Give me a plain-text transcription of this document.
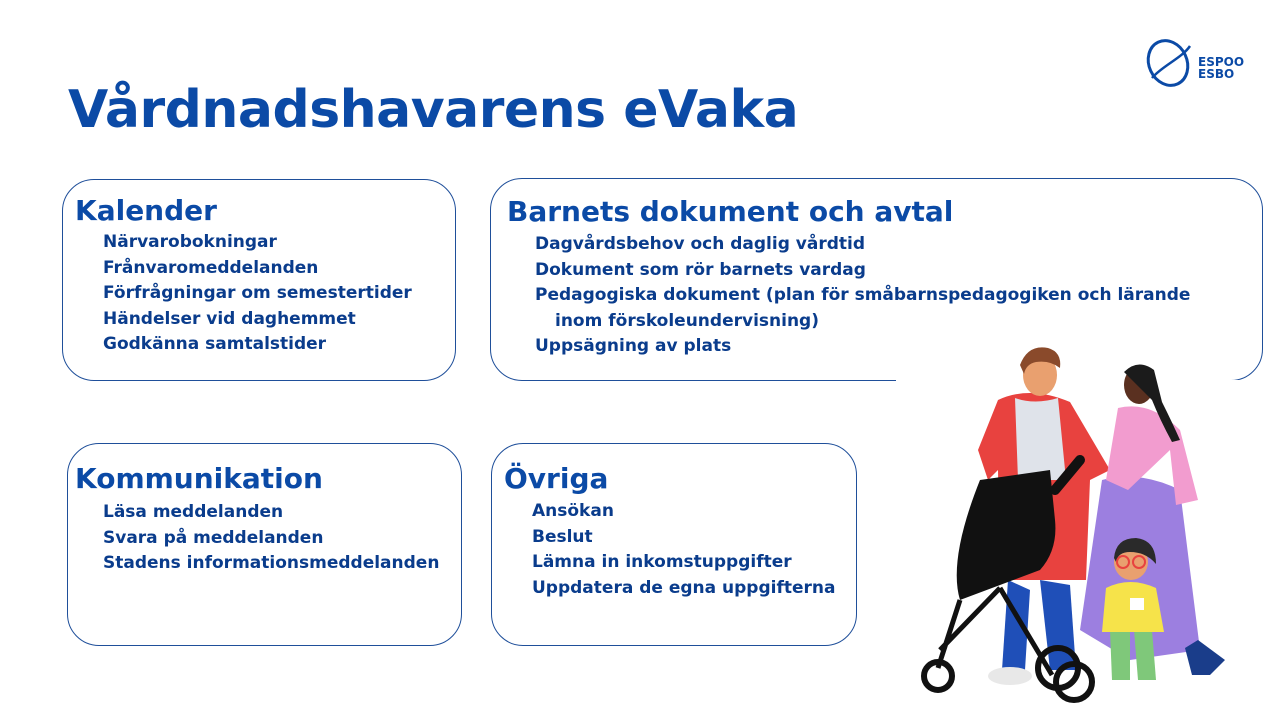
Vårdnadshavarens eVaka
ESPOO
ESBO
Kalender
Närvarobokningar
Frånvaromeddelanden
Förfrågningar om semestertider
Händelser vid daghemmet
Godkänna samtalstider
Barnets dokument och avtal
Dagvårdsbehov och daglig vårdtid
Dokument som rör barnets vardag
Pedagogiska dokument (plan för småbarnspedagogiken och lärande inom förskoleundervisning)
Uppsägning av plats
Kommunikation
Läsa meddelanden
Svara på meddelanden
Stadens informationsmeddelanden
Övriga
Ansökan
Beslut
Lämna in inkomstuppgifter
Uppdatera de egna uppgifterna
